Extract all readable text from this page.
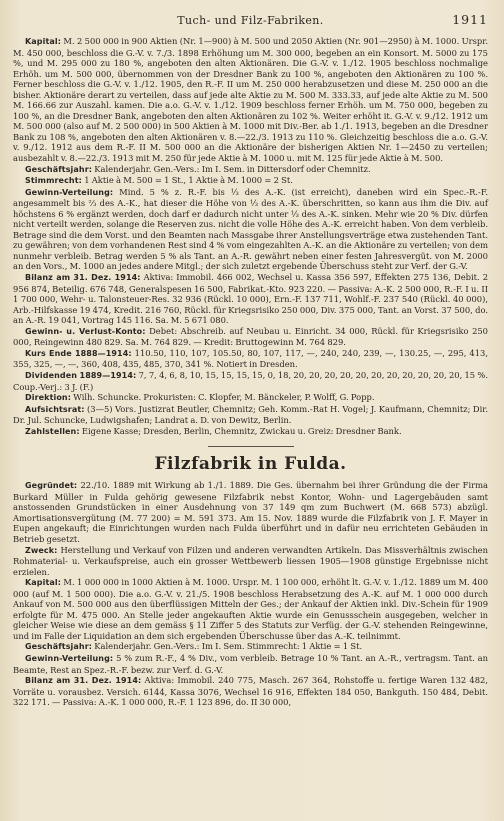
Tuch- und Filz-Fabriken.	1911

Kapital: M. 2 500 000 in 900 Aktien (Nr. 1—900) à M. 500 und 2050 Aktien (Nr. 901—2950) à M. 1000. Urspr. M. 450 000, beschloss die G.-V. v. 7./3. 1898 Erhöhung um M. 300 000, begeben an ein Konsort. M. 5000 zu 175 %, und M. 295 000 zu 180 %, angeboten den alten Aktionären. Die G.-V. v. 1./12. 1905 beschloss nochmalige Erhöh. um M. 500 000, übernommen von der Dresdner Bank zu 100 %, angeboten den Aktionären zu 100 %. Ferner beschloss die G.-V. v. 1./12. 1905, den R.-F. II um M. 250 000 herabzusetzen und diese M. 250 000 an die bisher. Aktionäre derart zu verteilen, dass auf jede alte Aktie zu M. 500 M. 333.33, auf jede alte Aktie zu M. 500 M. 166.66 zur Auszahl. kamen. Die a.o. G.-V. v. 1./12. 1909 beschloss ferner Erhöh. um M. 750 000, begeben zu 100 %, an die Dresdner Bank, angeboten den alten Aktionären zu 102 %. Weiter erhöht it. G.-V. v. 9./12. 1912 um M. 500 000 (also auf M. 2 500 000) in 500 Aktien à M. 1000 mit Div.-Ber. ab 1./1. 1913, begeben an die Dresdner Bank zu 108 %, angeboten den alten Aktionären v. 8.—22./3. 1913 zu 110 %. Gleichzeitig beschloss die a.o. G.-V. v. 9./12. 1912 aus dem R.-F. II M. 500 000 an die Aktionäre der bisherigen Aktien Nr. 1—2450 zu verteilen; ausbezahlt v. 8.—22./3. 1913 mit M. 250 für jede Aktie à M. 1000 u. mit M. 125 für jede Aktie à M. 500.

Geschäftsjahr: Kalenderjahr. Gen.-Vers.: Im I. Sem. in Dittersdorf oder Chemnitz.

Stimmrecht: 1 Aktie à M. 500 = 1 St., 1 Aktie à M. 1000 = 2 St.

Gewinn-Verteilung: Mind. 5 % z. R.-F. bis ⅓ des A.-K. (ist erreicht), daneben wird ein Spec.-R.-F. angesammelt bis ⅔ des A.-K., hat dieser die Höhe von ⅓ des A.-K. überschritten, so kann aus ihm die Div. auf höchstens 6 % ergänzt werden, doch darf er dadurch nicht unter ⅓ des A.-K. sinken. Mehr wie 20 % Div. dürfen nicht verteilt werden, solange die Reserven zus. nicht die volle Höhe des A.-K. erreicht haben. Von dem verbleib. Betrage sind die dem Vorst. und den Beamten nach Massgabe ihrer Anstellungsverträge etwa zustehenden Tant. zu gewähren; von dem vorhandenen Rest sind 4 % vom eingezahlten A.-K. an die Aktionäre zu verteilen; von dem nunmehr verbleib. Betrag werden 5 % als Tant. an A.-R. gewährt neben einer festen Jahresvergüt. von M. 2000 an den Vors., M. 1000 an jedes andere Mitgl.; der sich zuletzt ergebende Überschuss steht zur Verf. der G.-V.

Bilanz am 31. Dez. 1914: Aktiva: Immobil. 466 002, Wechsel u. Kassa 356 597, Effekten 275 136, Debit. 2 956 874, Beteilig. 676 748, Generalspesen 16 500, Fabrikat.-Kto. 923 220. — Passiva: A.-K. 2 500 000, R.-F. I u. II 1 700 000, Wehr- u. Talonsteuer-Res. 32 936 (Rückl. 10 000), Ern.-F. 137 711, Wohlf.-F. 237 540 (Rückl. 40 000), Arb.-Hilfskasse 19 474, Kredit. 216 760, Rückl. für Kriegsrisiko 250 000, Div. 375 000, Tant. an Vorst. 37 500, do. an A.-R. 19 041, Vortrag 145 116. Sa. M. 5 671 080.

Gewinn- u. Verlust-Konto: Debet: Abschreib. auf Neubau u. Einricht. 34 000, Rückl. für Kriegsrisiko 250 000, Reingewinn 480 829. Sa. M. 764 829. — Kredit: Bruttogewinn M. 764 829.

Kurs Ende 1888—1914: 110.50, 110, 107, 105.50, 80, 107, 117, —, 240, 240, 239, —, 130.25, —, 295, 413, 355, 325, —, —, 360, 408, 435, 485, 370, 341 %. Notiert in Dresden.

Dividenden 1889—1914: 7, 7, 4, 6, 8, 10, 15, 15, 15, 15, 0, 18, 20, 20, 20, 20, 20, 20, 20, 20, 20, 20, 20, 15 %. Coup.-Verj.: 3 J. (F.)

Direktion: Wilh. Schuncke. Prokuristen: C. Klopfer, M. Bänckeler, P. Wolff, G. Popp.

Aufsichtsrat: (3—5) Vors. Justizrat Beutler, Chemnitz; Geh. Komm.-Rat H. Vogel; J. Kaufmann, Chemnitz; Dir. Dr. Jul. Schuncke, Ludwigshafen; Landrat a. D. von Dewitz, Berlin.

Zahlstellen: Eigene Kasse; Dresden, Berlin, Chemnitz, Zwickau u. Greiz: Dresdner Bank.

Filzfabrik in Fulda.

Gegründet: 22./10. 1889 mit Wirkung ab 1./1. 1889. Die Ges. übernahm bei ihrer Gründung die der Firma Burkard Müller in Fulda gehörig gewesene Filzfabrik nebst Kontor, Wohn- und Lagergebäuden samt anstossenden Grundstücken in einer Ausdehnung von 37 149 qm zum Buchwert (M. 668 573) abzügl. Amortisationsvergütung (M. 77 200) = M. 591 373. Am 15. Nov. 1889 wurde die Filzfabrik von J. F. Mayer in Eupen angekauft; die Einrichtungen wurden nach Fulda überführt und in dafür neu errichteten Gebäuden in Betrieb gesetzt.

Zweck: Herstellung und Verkauf von Filzen und anderen verwandten Artikeln. Das Missverhältnis zwischen Rohmaterial- u. Verkaufspreise, auch ein grosser Wettbewerb liessen 1905—1908 günstige Ergebnisse nicht erzielen.

Kapital: M. 1 000 000 in 1000 Aktien à M. 1000. Urspr. M. 1 100 000, erhöht lt. G.-V. v. 1./12. 1889 um M. 400 000 (auf M. 1 500 000). Die a.o. G.-V. v. 21./5. 1908 beschloss Herabsetzung des A.-K. auf M. 1 000 000 durch Ankauf von M. 500 000 aus den überflüssigen Mitteln der Ges.; der Ankauf der Aktien inkl. Div.-Schein für 1909 erfolgte für M. 475 000. An Stelle jeder angekauften Aktie wurde ein Genussschein ausgegeben, welcher in gleicher Weise wie diese an dem gemäss § 11 Ziffer 5 des Statuts zur Verfüg. der G.-V. stehenden Reingewinne, und im Falle der Liquidation an dem sich ergebenden Überschusse über das A.-K. teilnimmt.

Geschäftsjahr: Kalenderjahr. Gen.-Vers.: Im I. Sem. Stimmrecht: 1 Aktie = 1 St.

Gewinn-Verteilung: 5 % zum R.-F., 4 % Div., vom verbleib. Betrage 10 % Tant. an A.-R., vertragsm. Tant. an Beamte, Rest an Spez.-R.-F. bezw. zur Verf. d. G.-V.

Bilanz am 31. Dez. 1914: Aktiva: Immobil. 240 775, Masch. 267 364, Rohstoffe u. fertige Waren 132 482, Vorräte u. vorausbez. Versich. 6144, Kassa 3076, Wechsel 16 916, Effekten 184 050, Bankguth. 150 484, Debit. 322 171. — Passiva: A.-K. 1 000 000, R.-F. 1 123 896, do. II 30 000,
